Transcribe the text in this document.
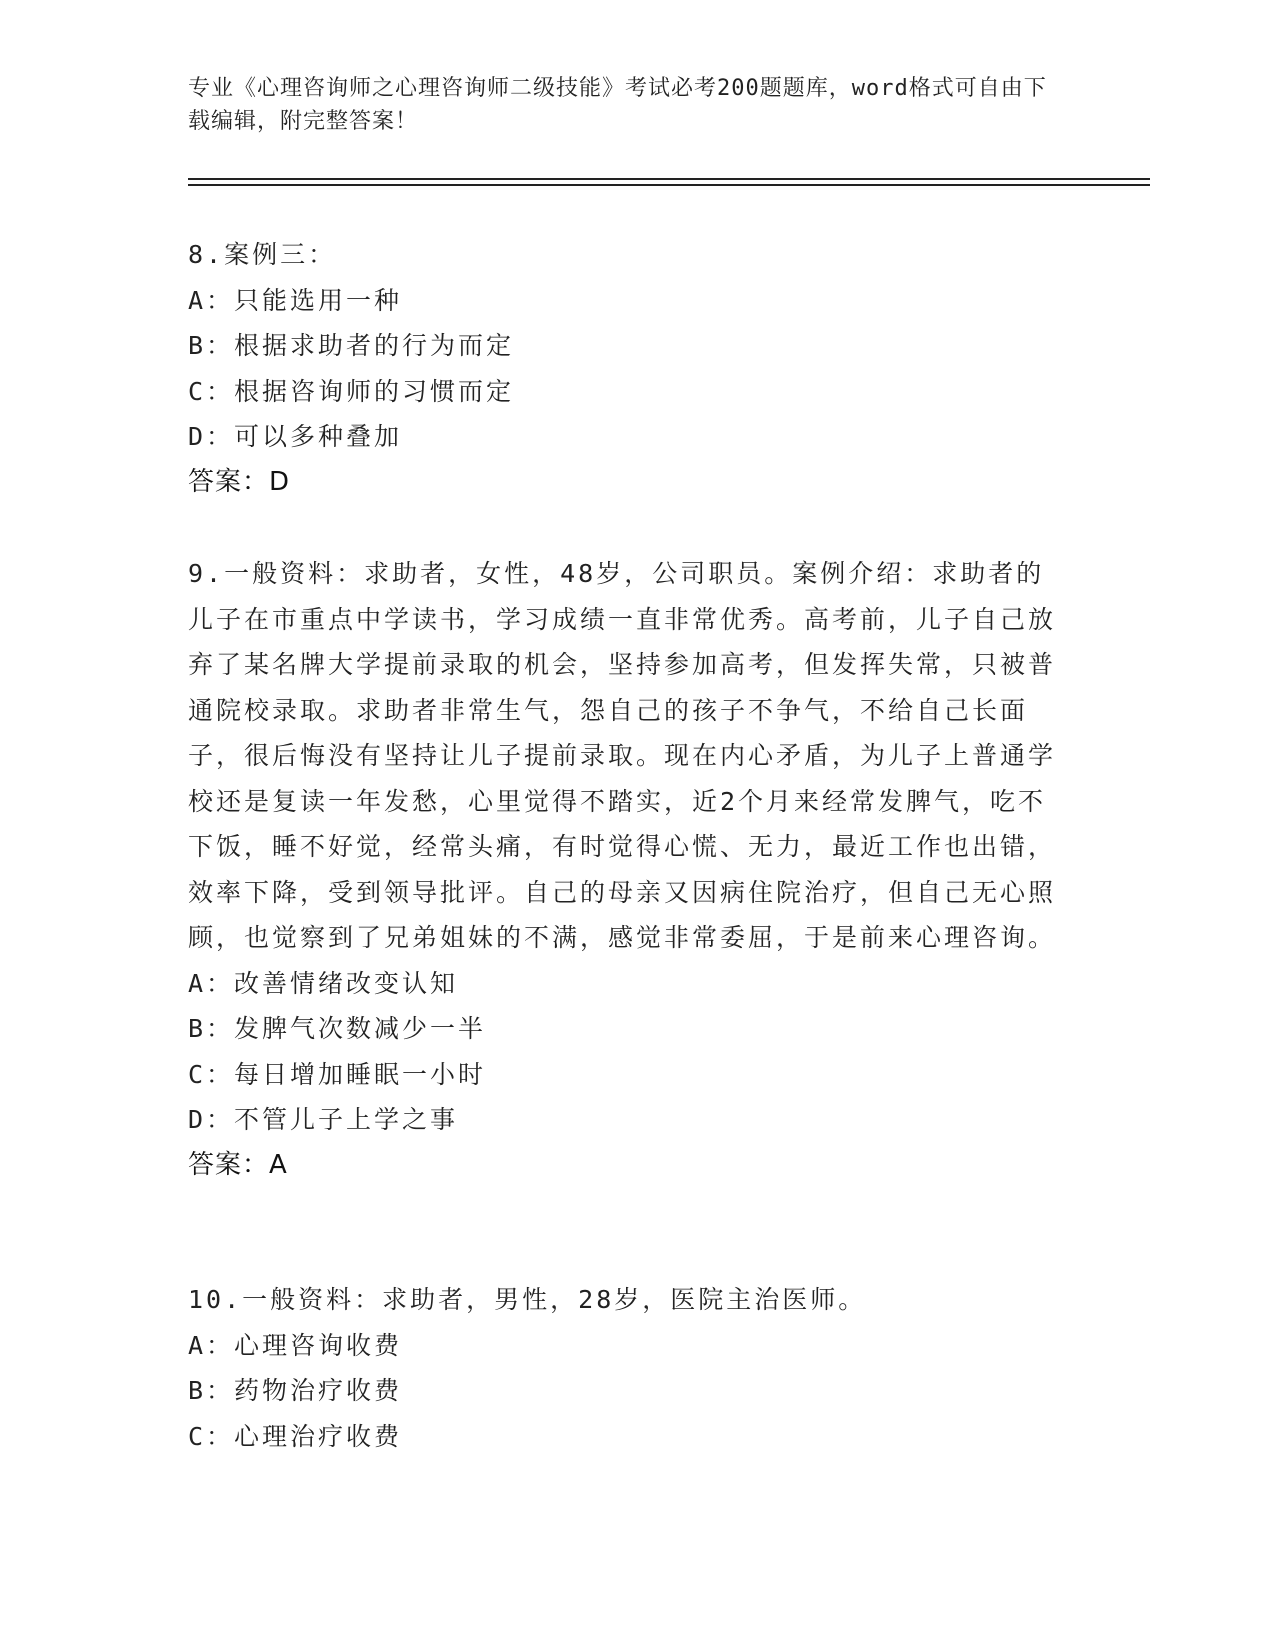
专业《心理咨询师之心理咨询师二级技能》考试必考200题题库，word格式可自由下载编辑，附完整答案！

8.案例三：

A：只能选用一种

B：根据求助者的行为而定

C：根据咨询师的习惯而定

D：可以多种叠加

答案：D

9.一般资料：求助者，女性，48岁，公司职员。案例介绍：求助者的儿子在市重点中学读书，学习成绩一直非常优秀。高考前，儿子自己放弃了某名牌大学提前录取的机会，坚持参加高考，但发挥失常，只被普通院校录取。求助者非常生气，怨自己的孩子不争气，不给自己长面子，很后悔没有坚持让儿子提前录取。现在内心矛盾，为儿子上普通学校还是复读一年发愁，心里觉得不踏实，近2个月来经常发脾气，吃不下饭，睡不好觉，经常头痛，有时觉得心慌、无力，最近工作也出错，效率下降，受到领导批评。自己的母亲又因病住院治疗，但自己无心照顾，也觉察到了兄弟姐妹的不满，感觉非常委屈，于是前来心理咨询。

A：改善情绪改变认知

B：发脾气次数减少一半

C：每日增加睡眠一小时

D：不管儿子上学之事

答案：A

10.一般资料：求助者，男性，28岁，医院主治医师。

A：心理咨询收费

B：药物治疗收费

C：心理治疗收费
